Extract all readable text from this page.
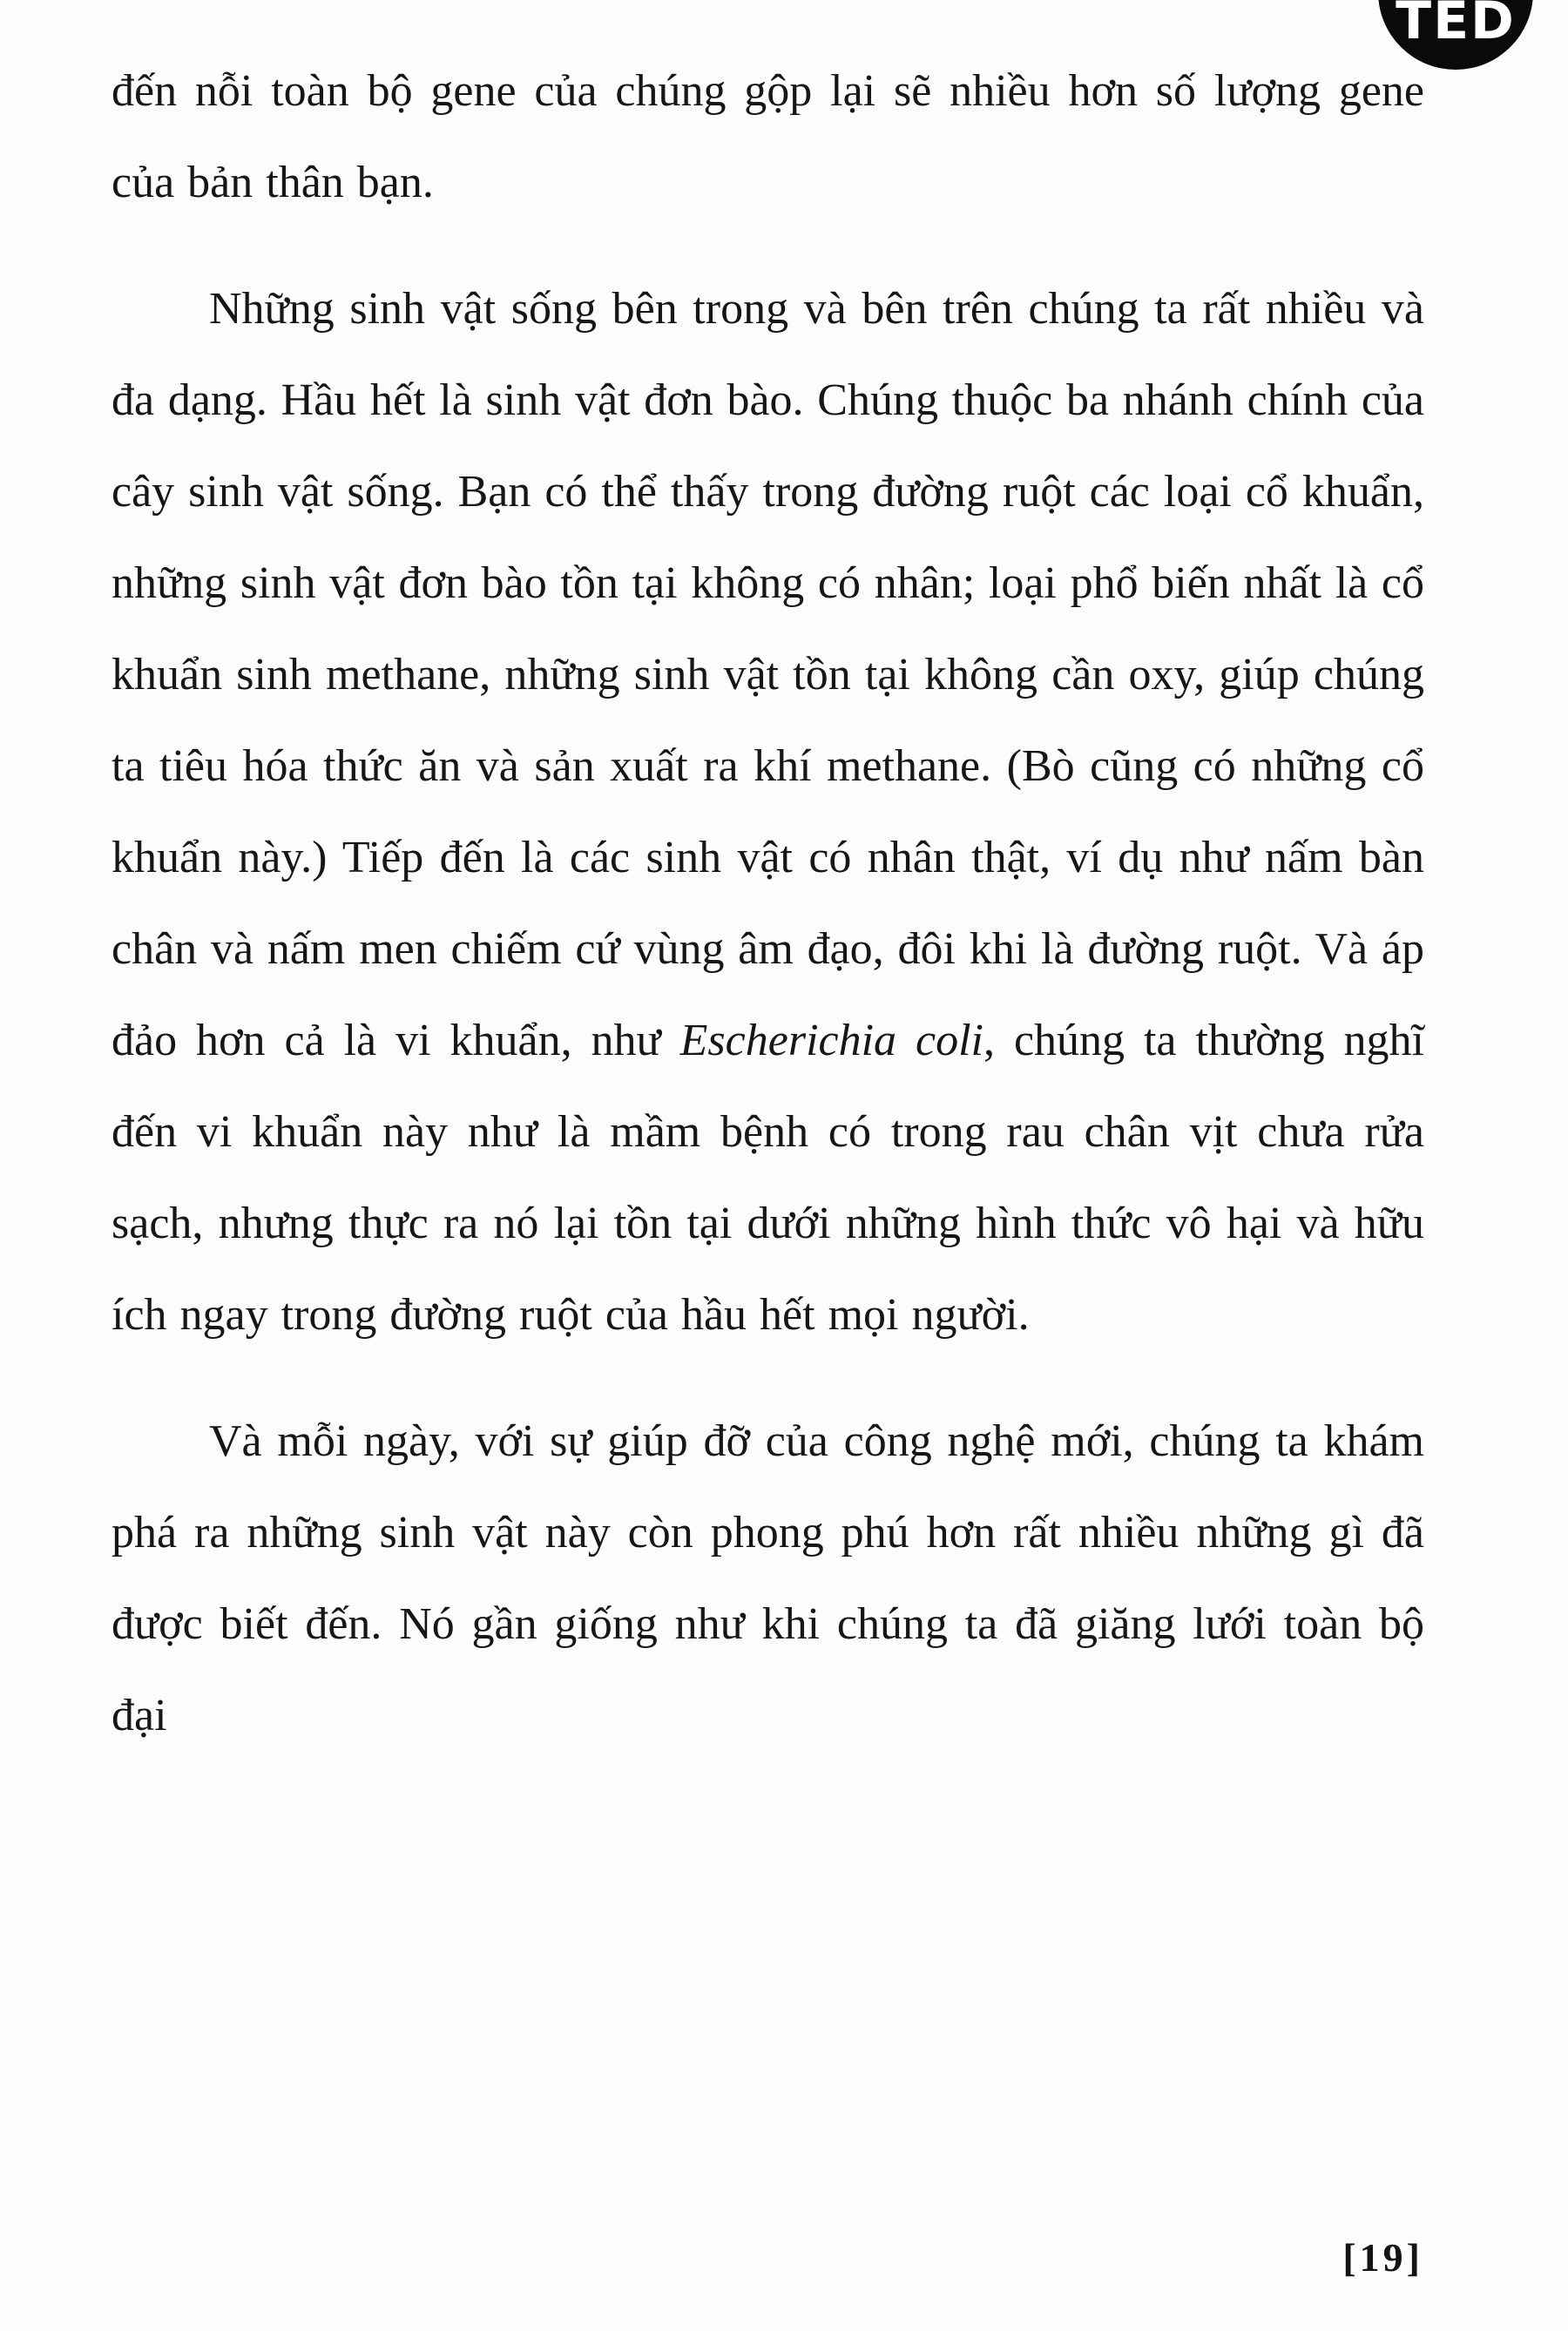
TED

đến nỗi toàn bộ gene của chúng gộp lại sẽ nhiều hơn số lượng gene của bản thân bạn.

Những sinh vật sống bên trong và bên trên chúng ta rất nhiều và đa dạng. Hầu hết là sinh vật đơn bào. Chúng thuộc ba nhánh chính của cây sinh vật sống. Bạn có thể thấy trong đường ruột các loại cổ khuẩn, những sinh vật đơn bào tồn tại không có nhân; loại phổ biến nhất là cổ khuẩn sinh methane, những sinh vật tồn tại không cần oxy, giúp chúng ta tiêu hóa thức ăn và sản xuất ra khí methane. (Bò cũng có những cổ khuẩn này.) Tiếp đến là các sinh vật có nhân thật, ví dụ như nấm bàn chân và nấm men chiếm cứ vùng âm đạo, đôi khi là đường ruột. Và áp đảo hơn cả là vi khuẩn, như Escherichia coli, chúng ta thường nghĩ đến vi khuẩn này như là mầm bệnh có trong rau chân vịt chưa rửa sạch, nhưng thực ra nó lại tồn tại dưới những hình thức vô hại và hữu ích ngay trong đường ruột của hầu hết mọi người.

Và mỗi ngày, với sự giúp đỡ của công nghệ mới, chúng ta khám phá ra những sinh vật này còn phong phú hơn rất nhiều những gì đã được biết đến. Nó gần giống như khi chúng ta đã giăng lưới toàn bộ đại

[19]
